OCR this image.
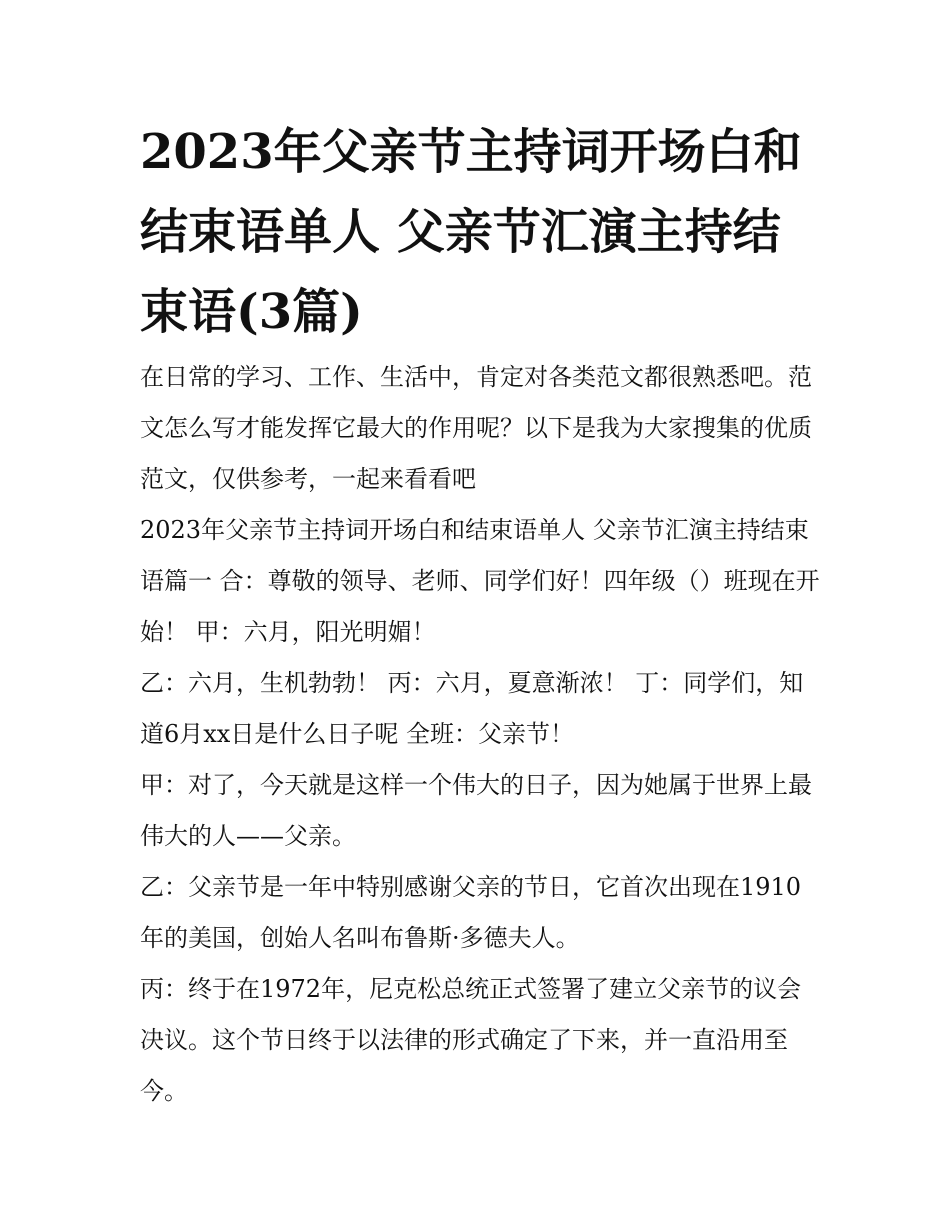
2023年父亲节主持词开场白和结束语单人 父亲节汇演主持结束语(3篇)

在日常的学习、工作、生活中，肯定对各类范文都很熟悉吧。范文怎么写才能发挥它最大的作用呢？以下是我为大家搜集的优质范文，仅供参考，一起来看看吧

2023年父亲节主持词开场白和结束语单人 父亲节汇演主持结束语篇一 合：尊敬的领导、老师、同学们好！四年级（）班现在开始！ 甲：六月，阳光明媚！

乙：六月，生机勃勃！ 丙：六月，夏意渐浓！ 丁：同学们，知道6月xx日是什么日子呢 全班：父亲节！

甲：对了，今天就是这样一个伟大的日子，因为她属于世界上最伟大的人——父亲。

乙：父亲节是一年中特别感谢父亲的节日，它首次出现在1910年的美国，创始人名叫布鲁斯·多德夫人。

丙：终于在1972年，尼克松总统正式签署了建立父亲节的议会决议。这个节日终于以法律的形式确定了下来，并一直沿用至今。
